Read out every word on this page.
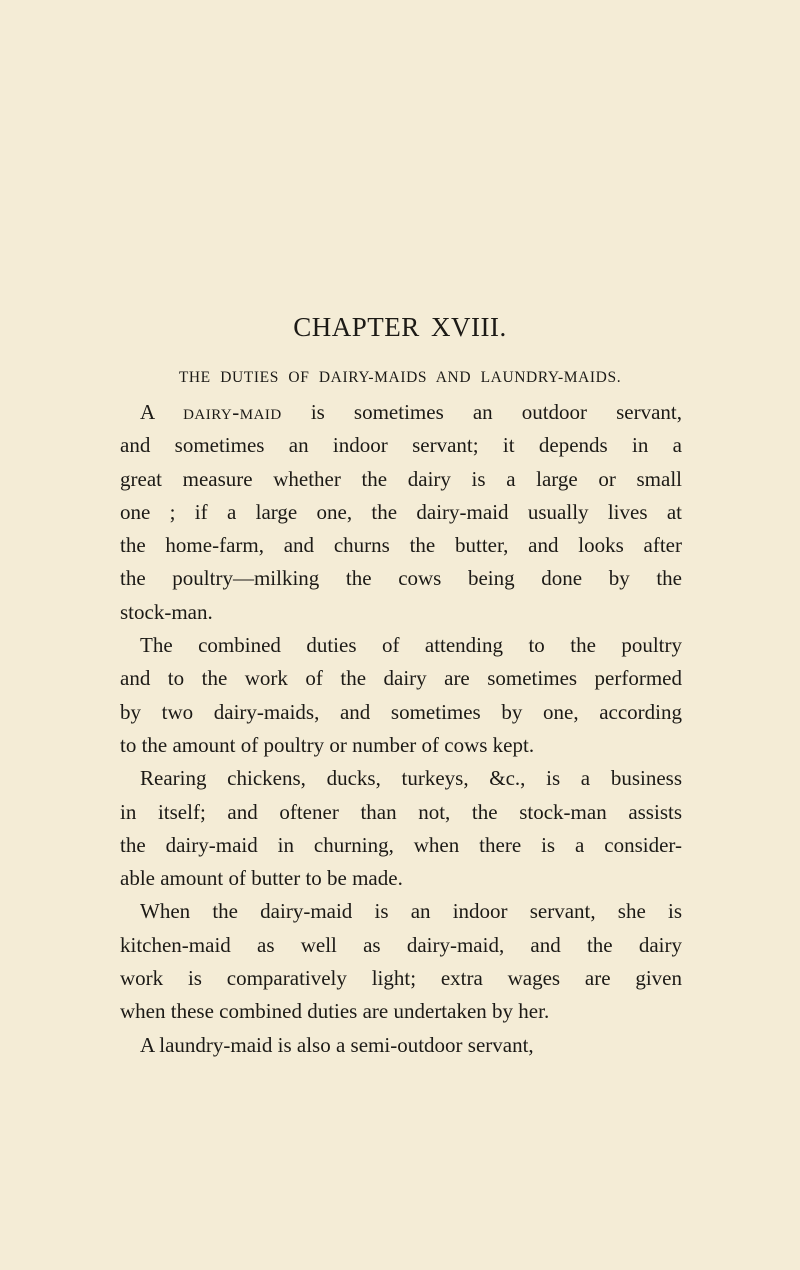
CHAPTER XVIII.
THE DUTIES OF DAIRY-MAIDS AND LAUNDRY-MAIDS.
A dairy-maid is sometimes an outdoor servant,
and sometimes an indoor servant; it depends in a
great measure whether the dairy is a large or small
one ; if a large one, the dairy-maid usually lives at
the home-farm, and churns the butter, and looks after
the poultry—milking the cows being done by the
stock-man.
The combined duties of attending to the poultry
and to the work of the dairy are sometimes performed
by two dairy-maids, and sometimes by one, according
to the amount of poultry or number of cows kept.
Rearing chickens, ducks, turkeys, &c., is a business
in itself; and oftener than not, the stock-man assists
the dairy-maid in churning, when there is a consider-
able amount of butter to be made.
When the dairy-maid is an indoor servant, she is
kitchen-maid as well as dairy-maid, and the dairy
work is comparatively light; extra wages are given
when these combined duties are undertaken by her.
A laundry-maid is also a semi-outdoor servant,
